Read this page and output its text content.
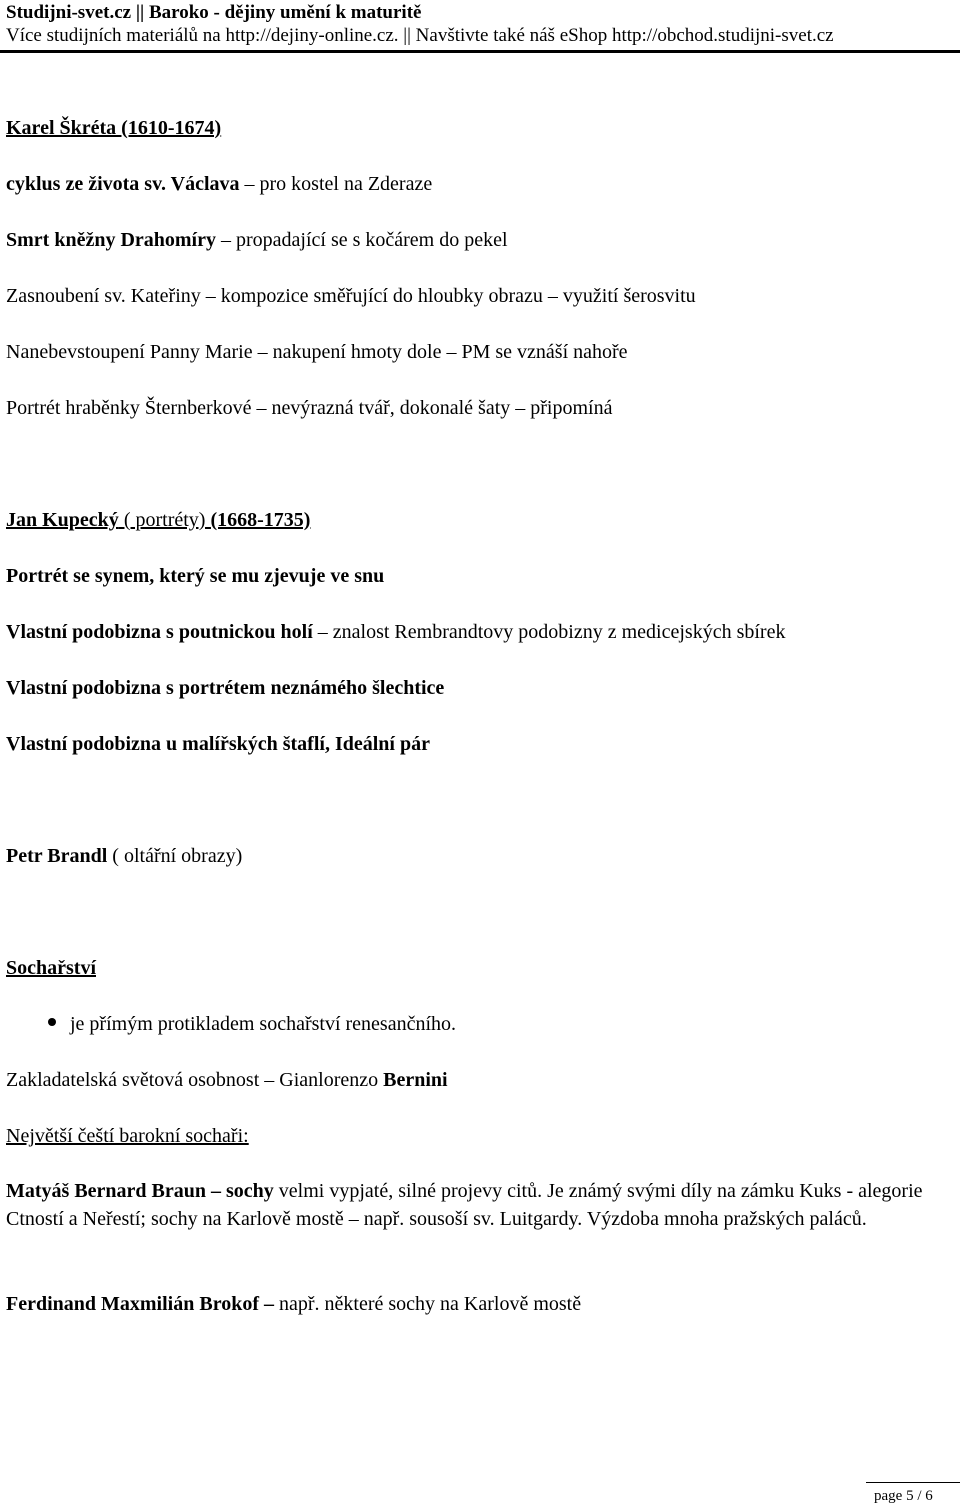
Studijni-svet.cz || Baroko - dějiny umění k maturitě
Více studijních materiálů na http://dejiny-online.cz. || Navštivte také náš eShop http://obchod.studijni-svet.cz
Karel Škréta (1610-1674)
cyklus ze života sv. Václava – pro kostel na Zderaze
Smrt kněžny Drahomíry – propadající se s kočárem do pekel
Zasnoubení sv. Kateřiny – kompozice směřující do hloubky obrazu – využití šerosvitu
Nanebevstoupení Panny Marie – nakupení hmoty dole – PM se vznáší nahoře
Portrét hraběnky Šternberkové – nevýrazná tvář, dokonalé šaty – připomíná
Jan Kupecký ( portréty) (1668-1735)
Portrét se synem, který se mu zjevuje ve snu
Vlastní podobizna s poutnickou holí – znalost Rembrandtovy podobizny z medicejských sbírek
Vlastní podobizna s portrétem neznámého šlechtice
Vlastní podobizna u malířských štaflí, Ideální pár
Petr Brandl ( oltářní obrazy)
Sochařství
je přímým protikladem sochařství renesančního.
Zakladatelská světová osobnost – Gianlorenzo Bernini
Největší čeští barokní sochaři:
Matyáš Bernard Braun – sochy velmi vypjaté, silné projevy citů. Je známý svými díly na zámku Kuks - alegorie Ctností a Neřestí; sochy na Karlově mostě – např. sousoší sv. Luitgardy. Výzdoba mnoha pražských paláců.
Ferdinand Maxmilián Brokof – např. některé sochy na Karlově mostě
page 5 / 6
